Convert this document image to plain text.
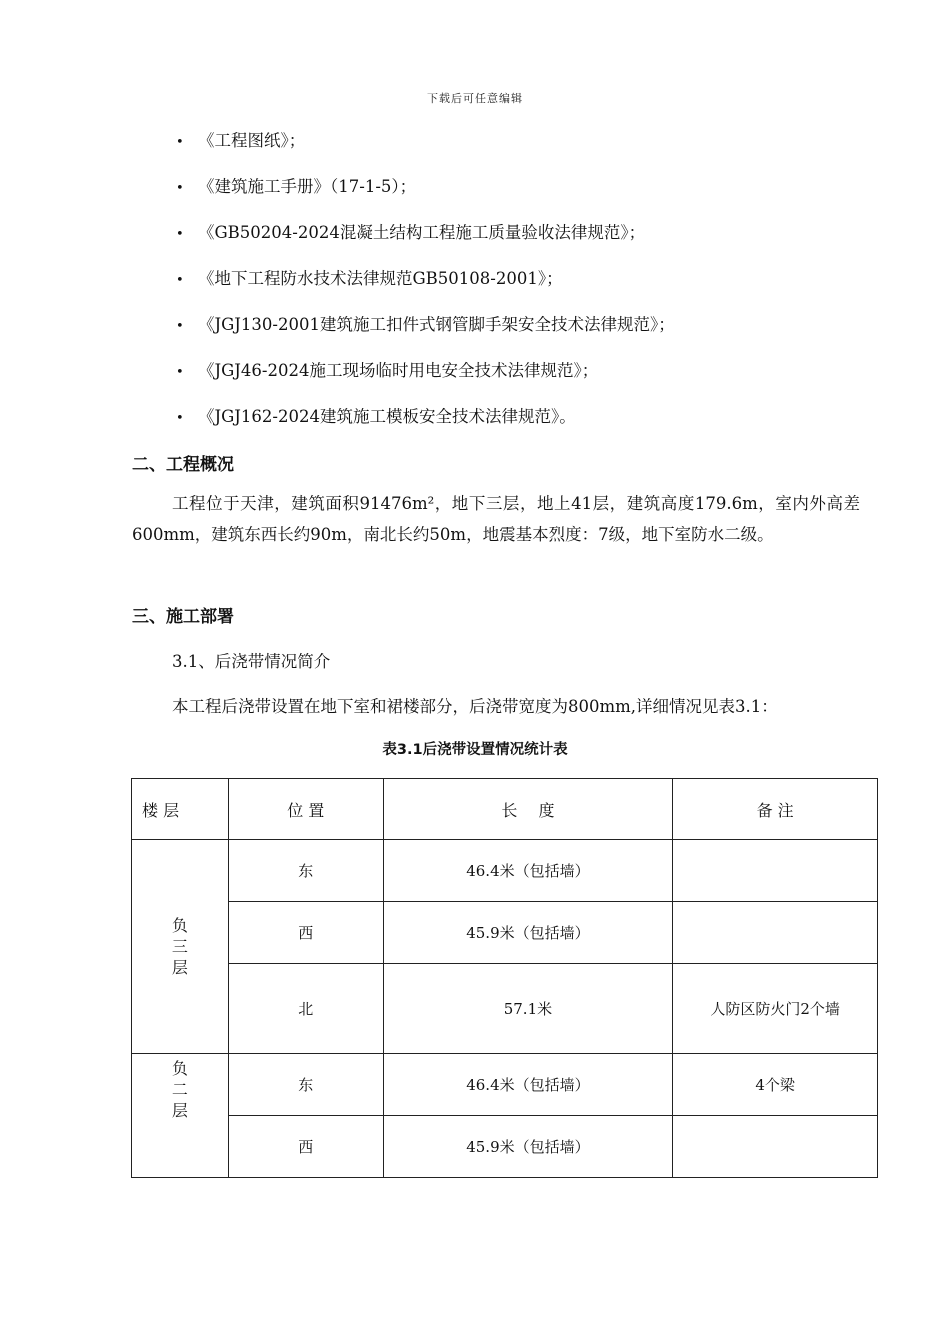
下载后可任意编辑
• 《工程图纸》；
• 《建筑施工手册》（17-1-5）；
• 《GB50204-2024混凝土结构工程施工质量验收法律规范》；
• 《地下工程防水技术法律规范GB50108-2001》；
• 《JGJ130-2001建筑施工扣件式钢管脚手架安全技术法律规范》；
• 《JGJ46-2024施工现场临时用电安全技术法律规范》；
• 《JGJ162-2024建筑施工模板安全技术法律规范》。
二、工程概况

工程位于天津，建筑面积91476m²，地下三层，地上41层，建筑高度179.6m，室内外高差600mm，建筑东西长约90m，南北长约50m，地震基本烈度：7级，地下室防水二级。

三、施工部署
3.1、后浇带情况简介
本工程后浇带设置在地下室和裙楼部分，后浇带宽度为800mm,详细情况见表3.1：
表3.1后浇带设置情况统计表
楼 层	位 置	长　 度	备 注
负三层	东	46.4米（包括墙）	
	西	45.9米（包括墙）	
	北	57.1米	人防区防火门2个墙
负二层	东	46.4米（包括墙）	4个梁
	西	45.9米（包括墙）	
